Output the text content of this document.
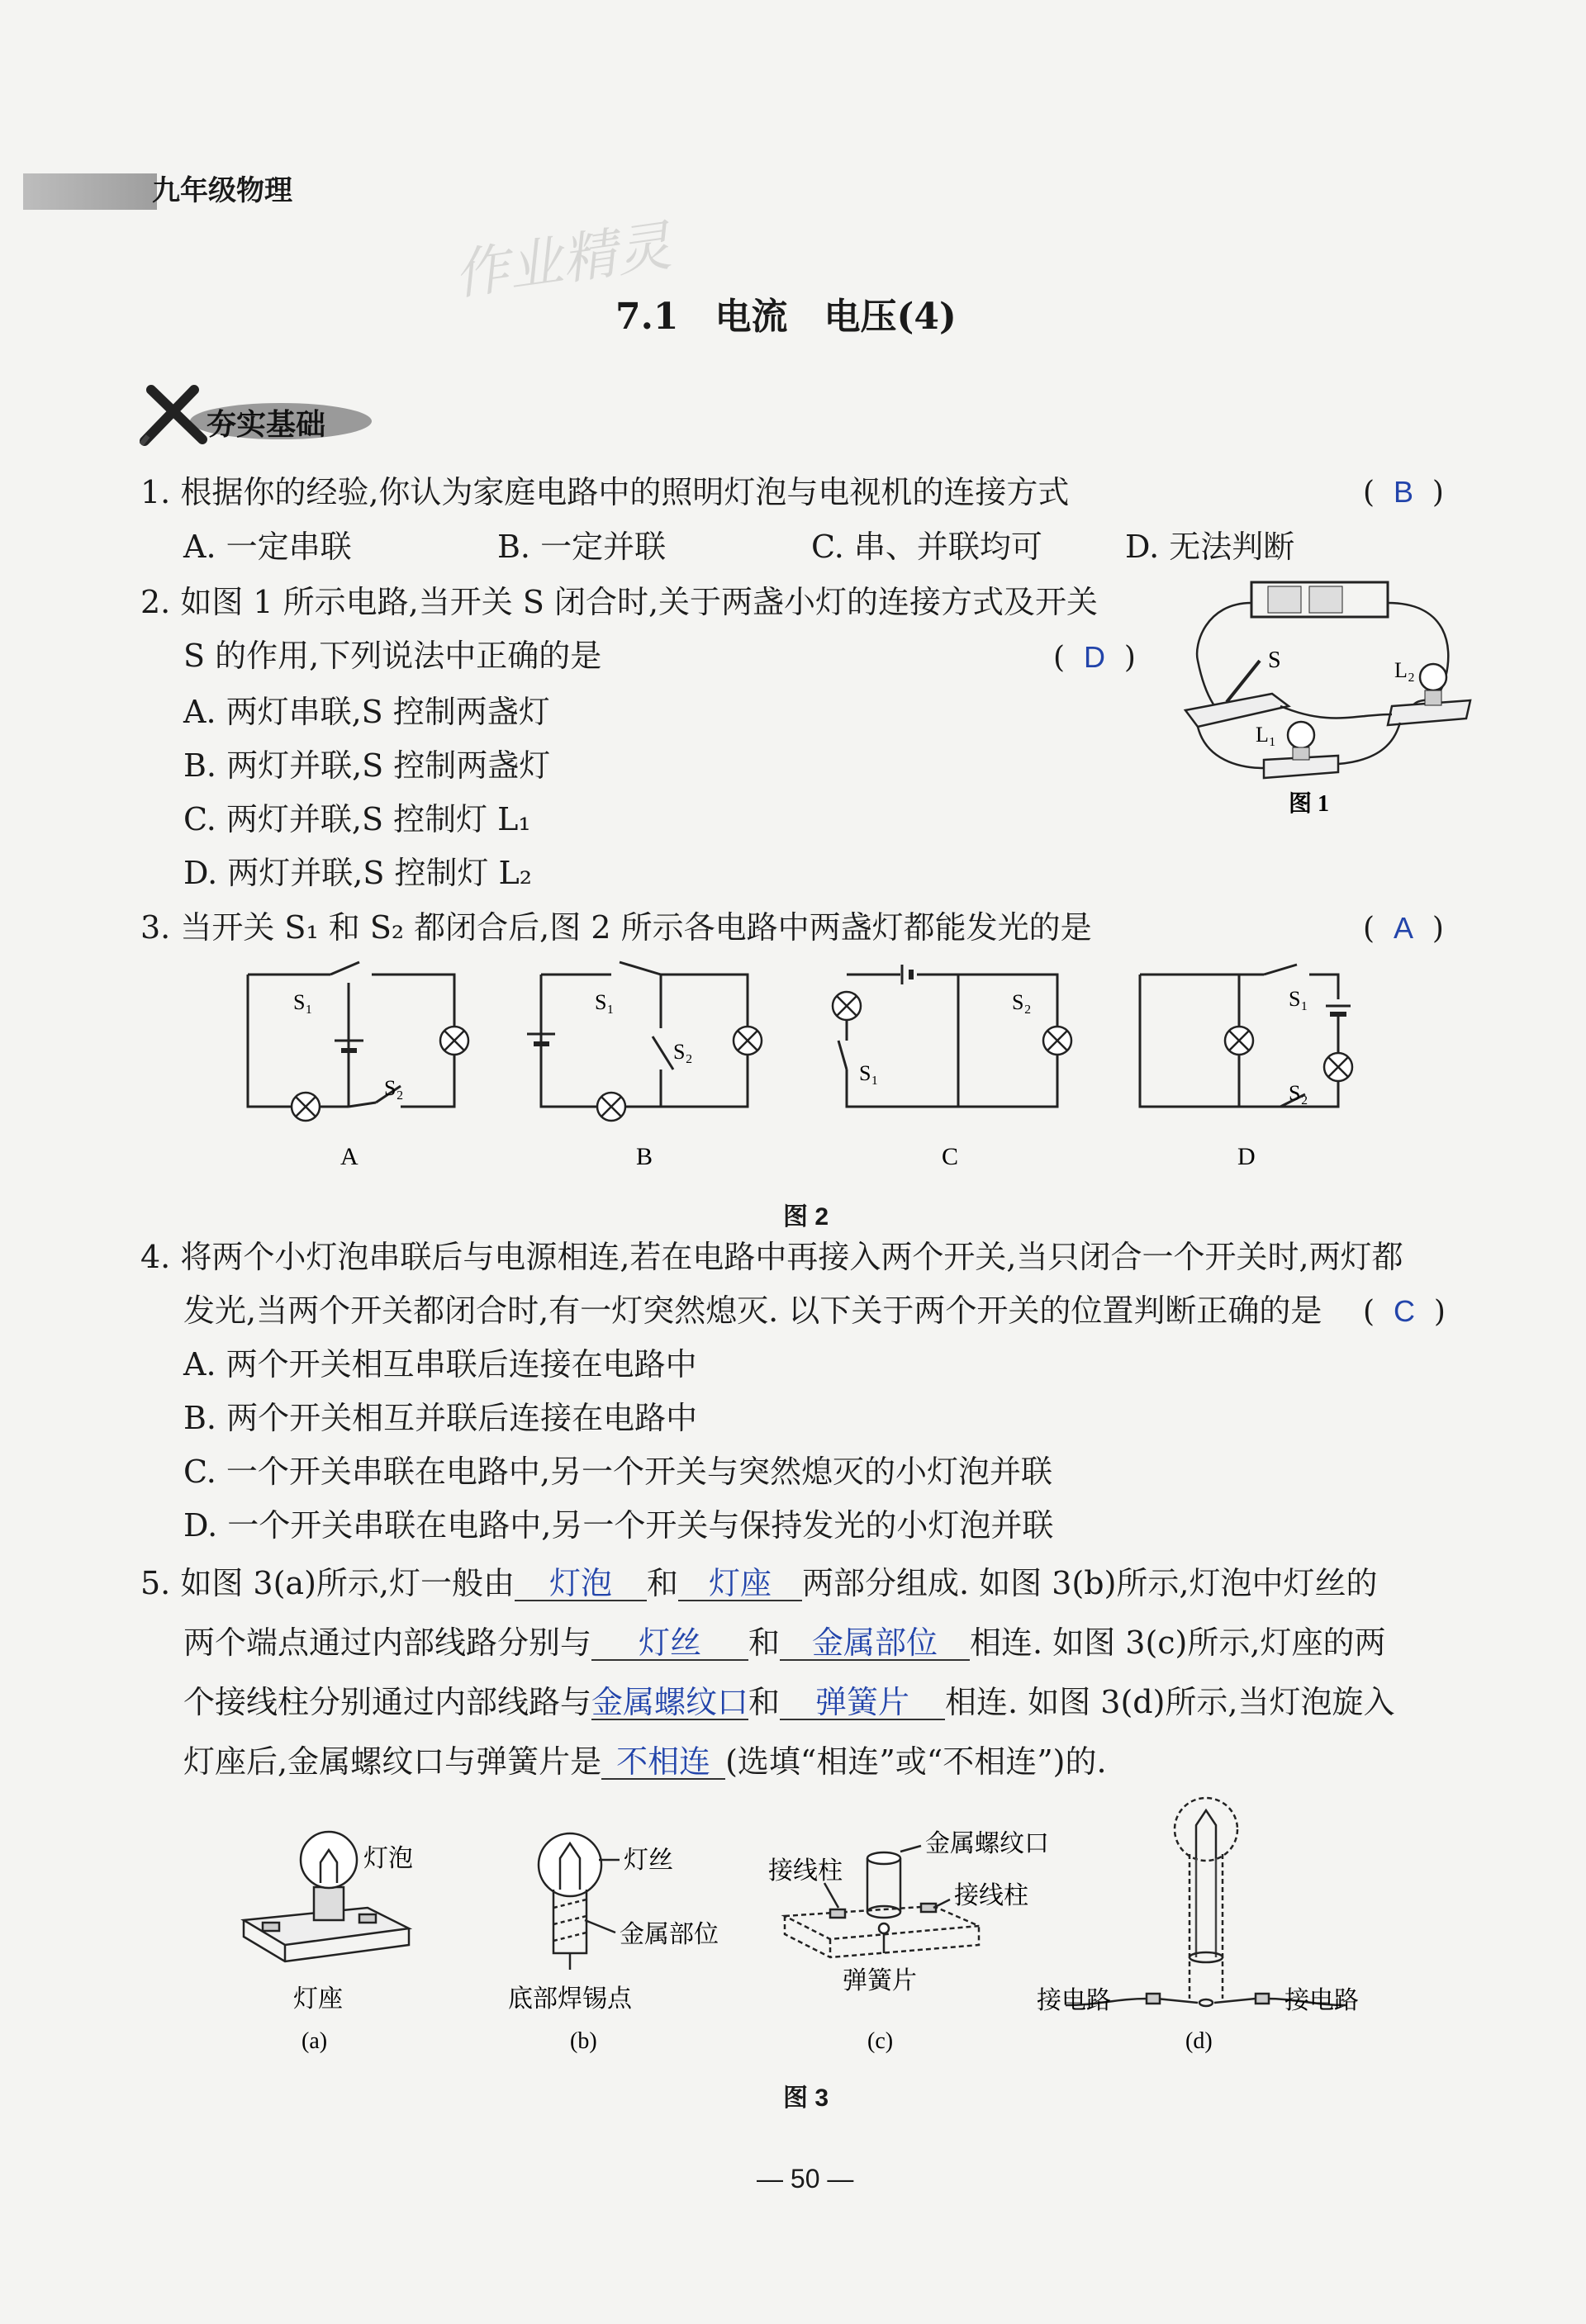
九年级物理
作业精灵
7.1　电流　电压(4)
夯实基础
1. 根据你的经验,你认为家庭电路中的照明灯泡与电视机的连接方式	(  B  )
A. 一定串联	B. 一定并联	C. 串、并联均可	D. 无法判断
2. 如图 1 所示电路,当开关 S 闭合时,关于两盏小灯的连接方式及开关
S 的作用,下列说法中正确的是	(  D  )
A. 两灯串联,S 控制两盏灯
B. 两灯并联,S 控制两盏灯
C. 两灯并联,S 控制灯 L₁
D. 两灯并联,S 控制灯 L₂
S	L₂
L₁
图 1
3. 当开关 S₁ 和 S₂ 都闭合后,图 2 所示各电路中两盏灯都能发光的是	(  A  )
S₁
S₂
A
S₁
S₂
B
S₂
S₁
C
S₁
S₂
D
图 2
4. 将两个小灯泡串联后与电源相连,若在电路中再接入两个开关,当只闭合一个开关时,两灯都
发光,当两个开关都闭合时,有一灯突然熄灭. 以下关于两个开关的位置判断正确的是 (  C  )
A. 两个开关相互串联后连接在电路中
B. 两个开关相互并联后连接在电路中
C. 一个开关串联在电路中,另一个开关与突然熄灭的小灯泡并联
D. 一个开关串联在电路中,另一个开关与保持发光的小灯泡并联
5. 如图 3(a)所示,灯一般由 灯泡 和 灯座 两部分组成. 如图 3(b)所示,灯泡中灯丝的
两个端点通过内部线路分别与 灯丝 和 金属部位 相连. 如图 3(c)所示,灯座的两
个接线柱分别通过内部线路与金属螺纹口和 弹簧片 相连. 如图 3(d)所示,当灯泡旋入
灯座后,金属螺纹口与弹簧片是 不相连 (选填“相连”或“不相连”)的.
灯泡
灯座
(a)
灯丝
金属部位
底部焊锡点
(b)
接线柱
金属螺纹口
接线柱
弹簧片
(c)
接电路	接电路
(d)
图 3
— 50 —
